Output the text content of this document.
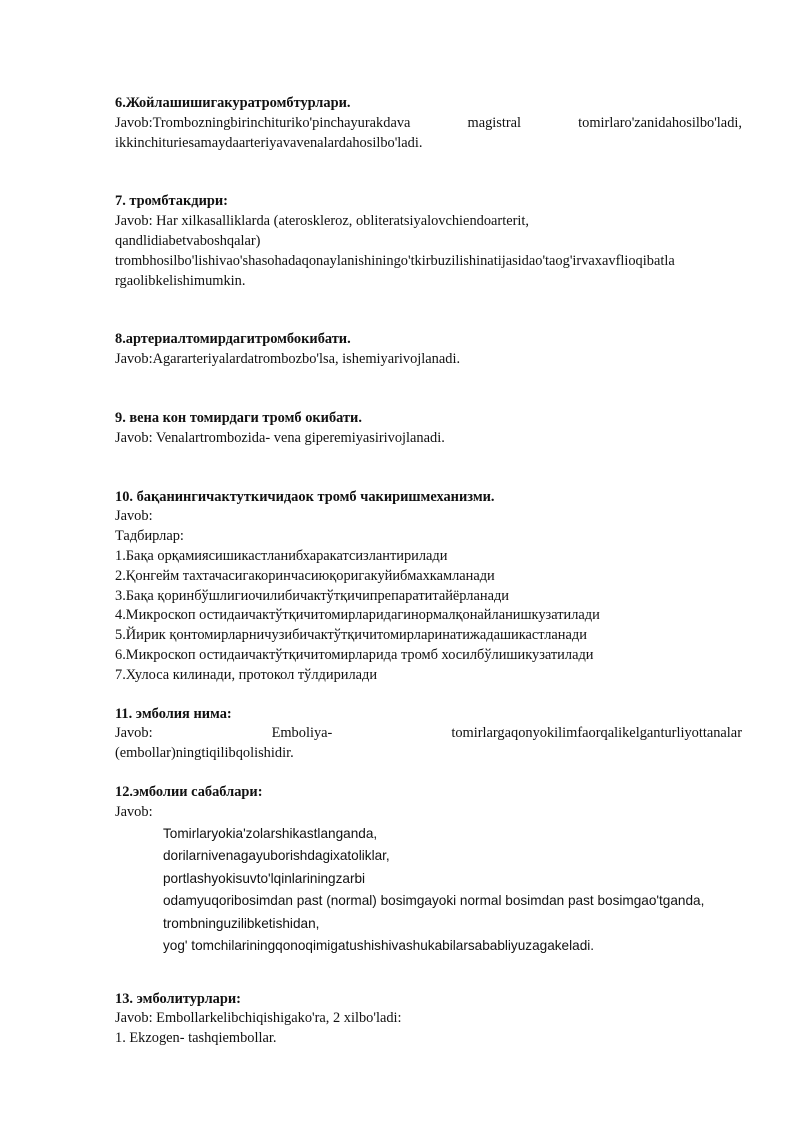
6.Жойлашишигакуратромбтурлари.
Javob:Trombozningbirinchituriko'pinchayurakdava	magistral	tomirlaro'zanidahosilbo'ladi,
ikkinchituriesamaydaarteriyavavenalardahosilbo'ladi.
7. тромбтакдири:
Javob: Har xilkasalliklarda (ateroskleroz, obliteratsiyalovchiendoarterit,
qandlidiabetvaboshqalar)
trombhosilbo'lishivao'shasohadaqonaylanishiningo'tkirbuzilishinatijasidao'taog'irvaxavflioqibatla
rgaolibkelishimumkin.
8.артериалтомирдагитромбокибати.
Javob:Agararteriyalardatrombozbo'lsa, ishemiyarivojlanadi.
9. вена кон томирдаги тромб окибати.
Javob: Venalartrombozida- vena giperemiyasirivojlanadi.
10. бақанингичактуткичидаок тромб чакиришмеханизми.
Javob:
Тадбирлар:
1.Бақа орқамиясишикастланибхаракатсизлантирилади
2.Қонгейм тахтачасигакоринчасиюқоригакуйибмахкамланади
3.Бақа қоринбўшлигиочилибичактўтқичипрепаратитайёрланади
4.Микроскоп остидаичактўтқичитомирларидагинормалқонайланишкузатилади
5.Йирик қонтомирларничузибичактўтқичитомирларинатижадашикастланади
6.Микроскоп остидаичактўтқичитомирларида тромб хосилбўлишикузатилади
7.Хулоса килинади, протокол тўлдирилади
11. эмболия нима:
Javob:	Emboliya-	tomirlargaqonyokilimfaorqalikelganturliyottanalar
(embollar)ningtiqilibqolishidir.
12.эмболии сабаблари:
Javob:
Tomirlaryokia'zolarshikastlanganda,
dorilarnivenagayuborishdagixatoliklar,
portlashyokisuvto'lqinlariningzarbi
odamyuqoribosimdan past (normal) bosimgayoki normal bosimdan past bosimgao'tganda,
trombninguzilibketishidan,
yog' tomchilariningqonoqimigatushishivashukabilarsababliyuzagakeladi.
13. эмболитурлари:
Javob: Embollarkelibchiqishigako'ra, 2 xilbo'ladi:
1. Ekzogen- tashqiembollar.
